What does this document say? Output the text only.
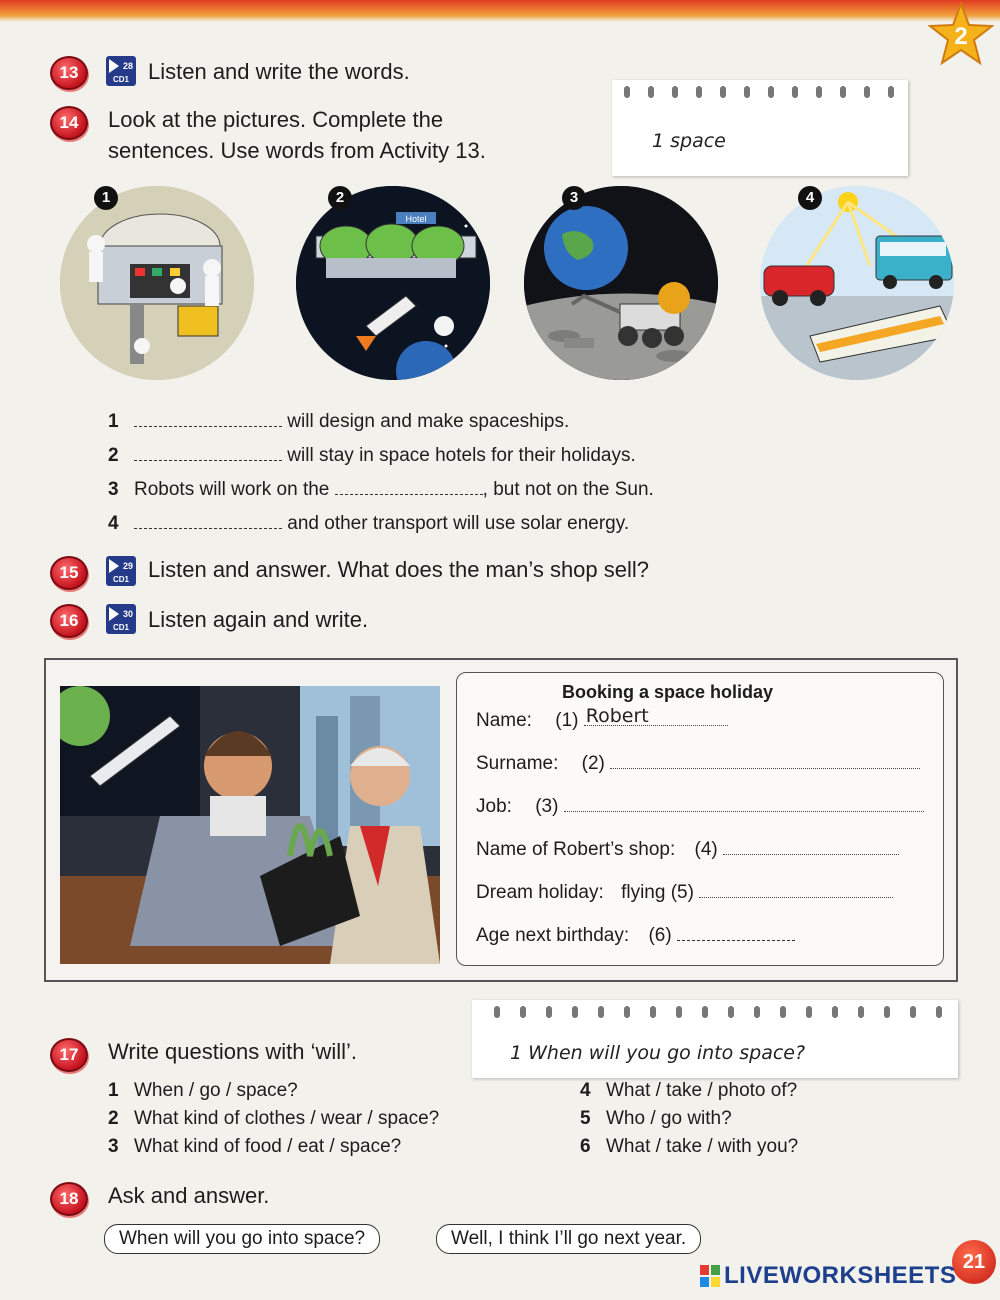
2
13	28
CD1 Listen and write the words.
1 space
14	Look at the pictures. Complete the
sentences. Use words from Activity 13.
1
Hotel
2	3	4
1	will design and make spaceships.
2	will stay in space hotels for their holidays.
3 Robots will work on the	, but not on the Sun.
4	and other transport will use solar energy.
15	29
CD1 Listen and answer. What does the man’s shop sell?
16	30
CD1 Listen again and write.
Booking a space holiday
Name: (1) Robert
Surname: (2)
Job: (3)
Name of Robert’s shop: (4)
Dream holiday: flying (5)
Age next birthday: (6)
1 When will you go into space?
17	Write questions with ‘will’.
1 When / go / space?
2 What kind of clothes / wear / space?
3 What kind of food / eat / space?
4 What / take / photo of?
5 Who / go with?
6 What / take / with you?
18	Ask and answer.
When will you go into space?	Well, I think I’ll go next year.
21
LIVEWORKSHEETS
